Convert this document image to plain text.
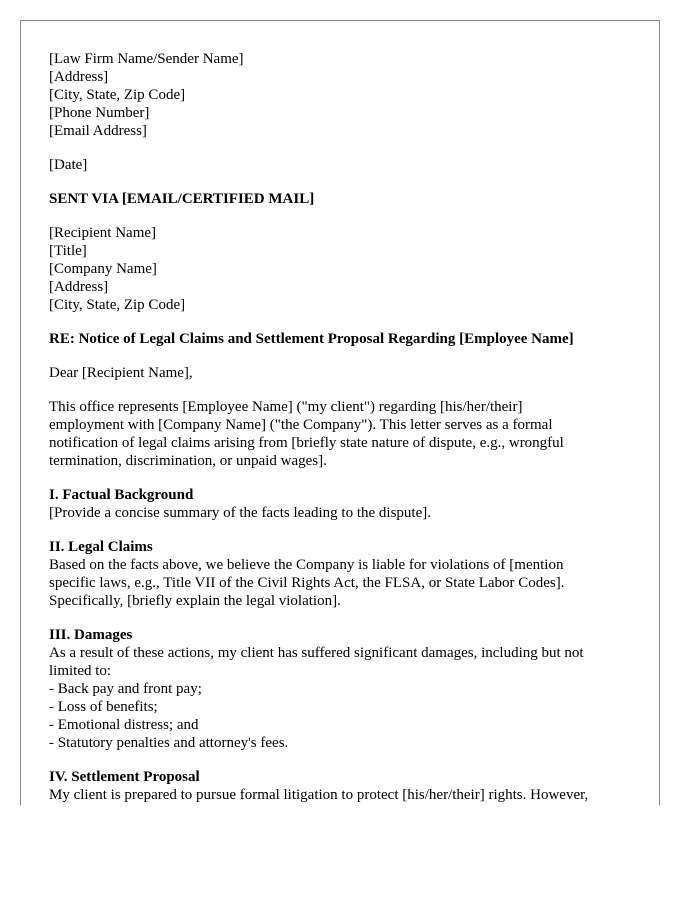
[Law Firm Name/Sender Name]
[Address]
[City, State, Zip Code]
[Phone Number]
[Email Address]
[Date]
SENT VIA [EMAIL/CERTIFIED MAIL]
[Recipient Name]
[Title]
[Company Name]
[Address]
[City, State, Zip Code]
RE: Notice of Legal Claims and Settlement Proposal Regarding [Employee Name]
Dear [Recipient Name],
This office represents [Employee Name] ("my client") regarding [his/her/their]
employment with [Company Name] ("the Company"). This letter serves as a formal
notification of legal claims arising from [briefly state nature of dispute, e.g., wrongful
termination, discrimination, or unpaid wages].
I. Factual Background
[Provide a concise summary of the facts leading to the dispute].
II. Legal Claims
Based on the facts above, we believe the Company is liable for violations of [mention
specific laws, e.g., Title VII of the Civil Rights Act, the FLSA, or State Labor Codes].
Specifically, [briefly explain the legal violation].
III. Damages
As a result of these actions, my client has suffered significant damages, including but not
limited to:
- Back pay and front pay;
- Loss of benefits;
- Emotional distress; and
- Statutory penalties and attorney's fees.
IV. Settlement Proposal
My client is prepared to pursue formal litigation to protect [his/her/their] rights. However,
